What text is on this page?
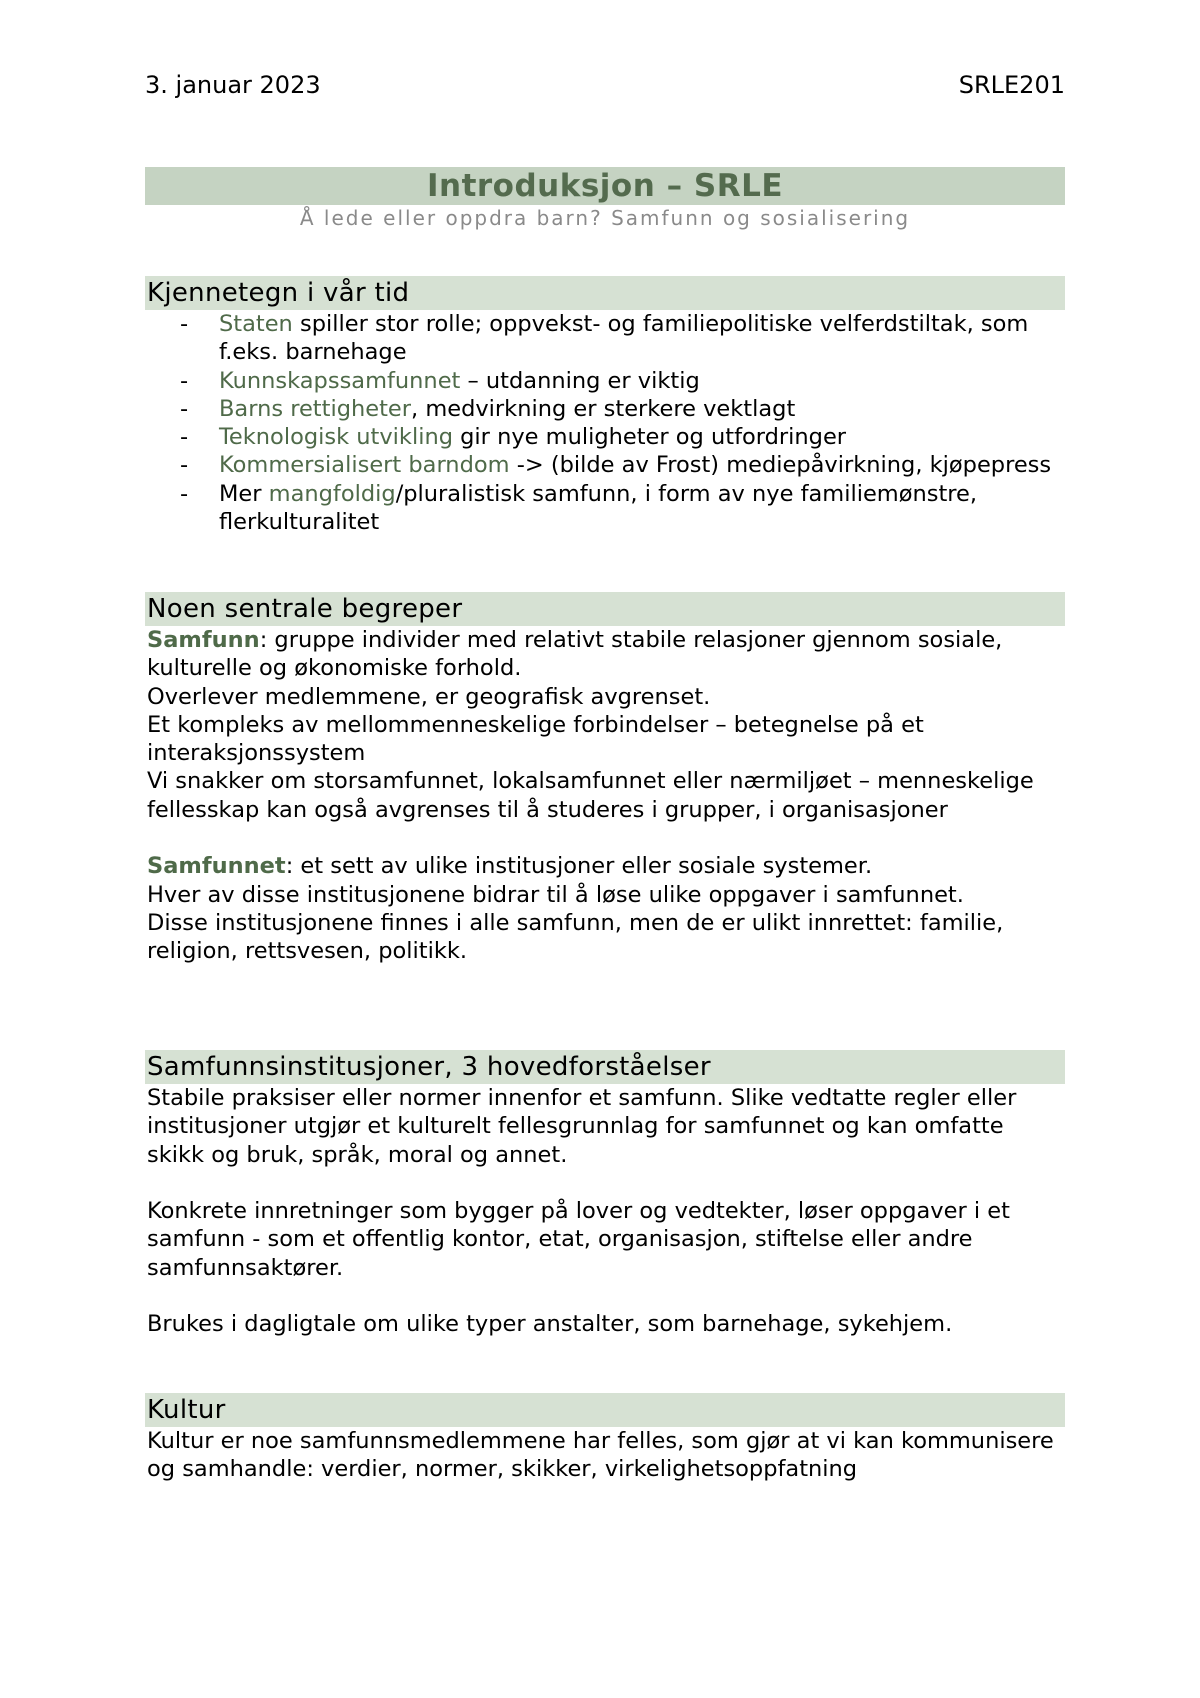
3. januar 2023	SRLE201
Introduksjon – SRLE
Å lede eller oppdra barn? Samfunn og sosialisering
Kjennetegn i vår tid
- Staten spiller stor rolle; oppvekst- og familiepolitiske velferdstiltak, som f.eks. barnehage
- Kunnskapssamfunnet – utdanning er viktig
- Barns rettigheter, medvirkning er sterkere vektlagt
- Teknologisk utvikling gir nye muligheter og utfordringer
- Kommersialisert barndom -> (bilde av Frost) mediepåvirkning, kjøpepress
- Mer mangfoldig/pluralistisk samfunn, i form av nye familiemønstre, flerkulturalitet
Noen sentrale begreper

Samfunn: gruppe individer med relativt stabile relasjoner gjennom sosiale, kulturelle og økonomiske forhold.

Overlever medlemmene, er geografisk avgrenset.

Et kompleks av mellommenneskelige forbindelser – betegnelse på et interaksjonssystem

Vi snakker om storsamfunnet, lokalsamfunnet eller nærmiljøet – menneskelige fellesskap kan også avgrenses til å studeres i grupper, i organisasjoner

Samfunnet: et sett av ulike institusjoner eller sosiale systemer.

Hver av disse institusjonene bidrar til å løse ulike oppgaver i samfunnet.

Disse institusjonene finnes i alle samfunn, men de er ulikt innrettet: familie, religion, rettsvesen, politikk.

Samfunnsinstitusjoner, 3 hovedforståelser

Stabile praksiser eller normer innenfor et samfunn. Slike vedtatte regler eller institusjoner utgjør et kulturelt fellesgrunnlag for samfunnet og kan omfatte skikk og bruk, språk, moral og annet.

Konkrete innretninger som bygger på lover og vedtekter, løser oppgaver i et samfunn - som et offentlig kontor, etat, organisasjon, stiftelse eller andre samfunnsaktører.

Brukes i dagligtale om ulike typer anstalter, som barnehage, sykehjem.

Kultur

Kultur er noe samfunnsmedlemmene har felles, som gjør at vi kan kommunisere og samhandle: verdier, normer, skikker, virkelighetsoppfatning
